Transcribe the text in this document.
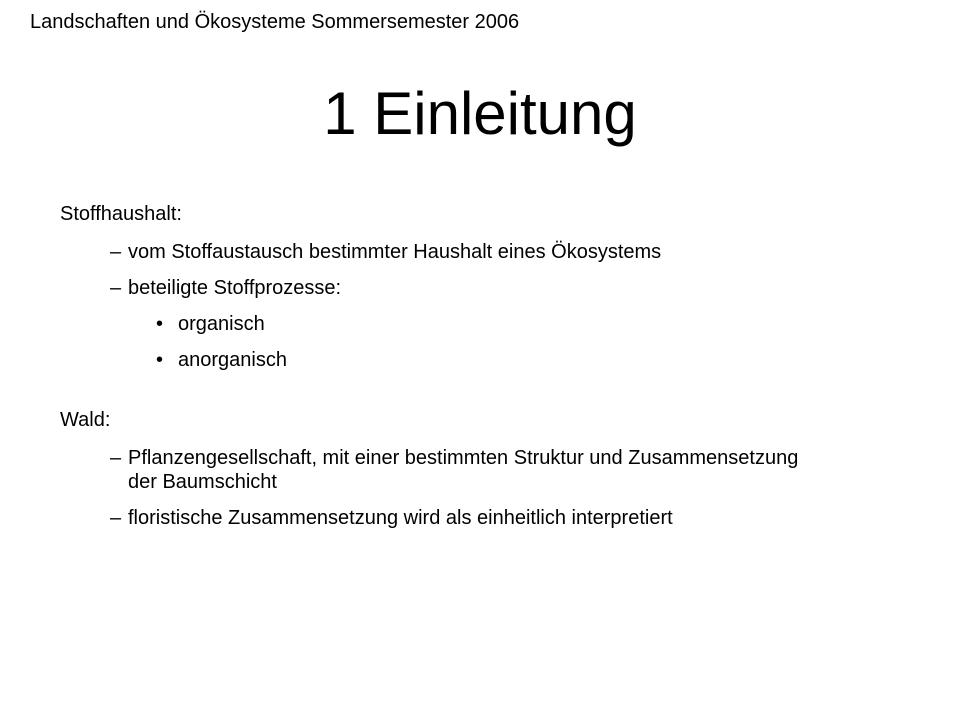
Landschaften und Ökosysteme Sommersemester 2006
1 Einleitung
Stoffhaushalt:
– vom Stoffaustausch bestimmter Haushalt eines Ökosystems
– beteiligte Stoffprozesse:
• organisch
• anorganisch
Wald:
– Pflanzengesellschaft, mit einer bestimmten Struktur und Zusammensetzung der Baumschicht
– floristische Zusammensetzung wird als einheitlich interpretiert
